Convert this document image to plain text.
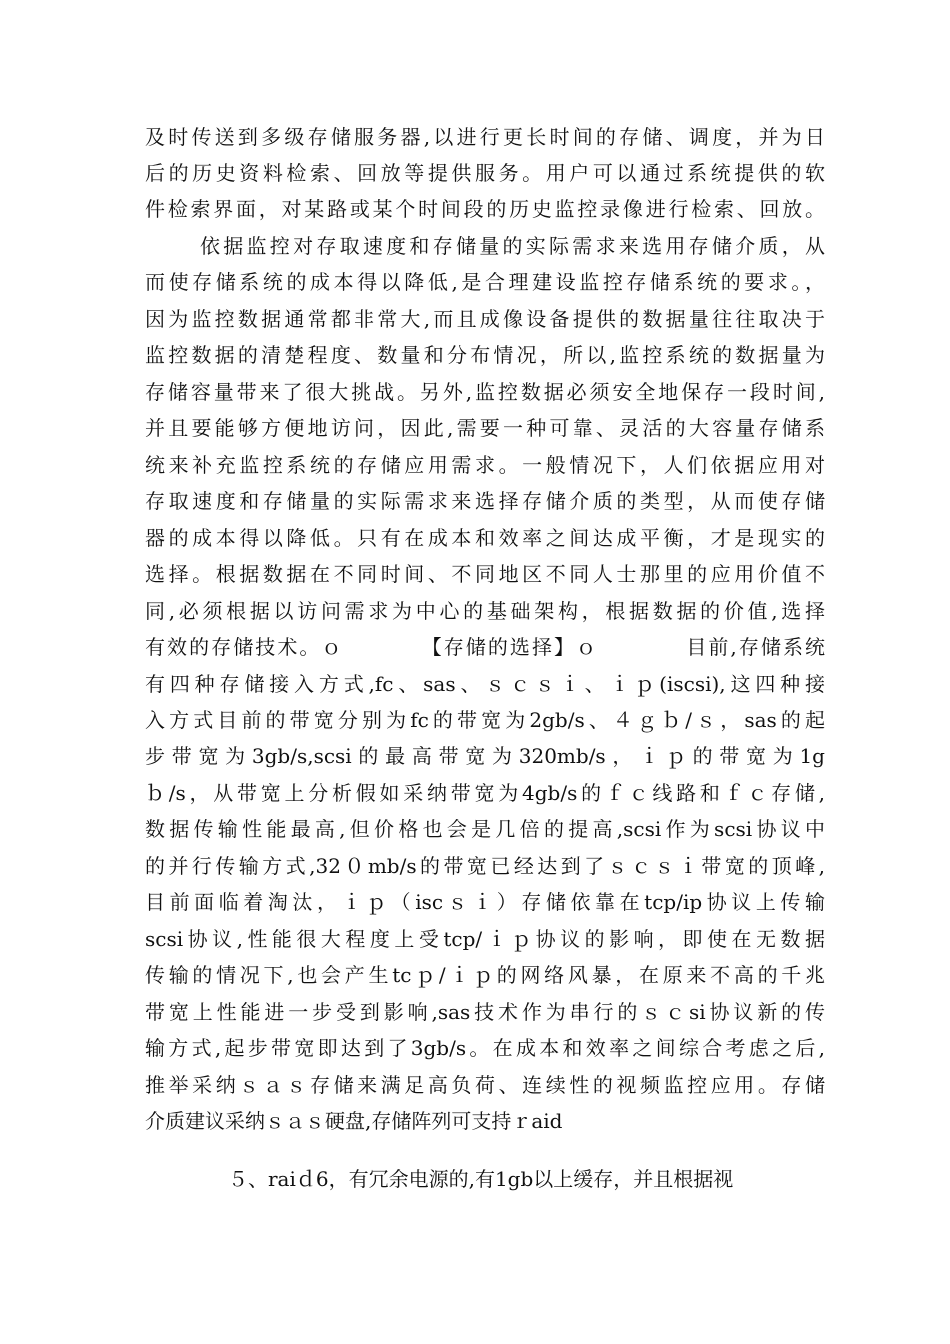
及时传送到多级存储服务器,以进行更长时间的存储、调度，并为日
后的历史资料检索、回放等提供服务。用户可以通过系统提供的软
件检索界面，对某路或某个时间段的历史监控录像进行检索、回放。
依据监控对存取速度和存储量的实际需求来选用存储介质，从
而使存储系统的成本得以降低,是合理建设监控存储系统的要求。，
因为监控数据通常都非常大,而且成像设备提供的数据量往往取决于
监控数据的清楚程度、数量和分布情况，所以,监控系统的数据量为
存储容量带来了很大挑战。另外,监控数据必须安全地保存一段时间,
并且要能够方便地访问，因此,需要一种可靠、灵活的大容量存储系
统来补充监控系统的存储应用需求。一般情况下，人们依据应用对
存取速度和存储量的实际需求来选择存储介质的类型，从而使存储
器的成本得以降低。只有在成本和效率之间达成平衡，才是现实的
选择。根据数据在不同时间、不同地区不同人士那里的应用价值不
同,必须根据以访问需求为中心的基础架构，根据数据的价值,选择
有效的存储技术。ｏ　　　　【存储的选择】ｏ　　　　目前,存储系统
有四种存储接入方式,fc、sas、ｓｃｓｉ、ｉｐ(iscsi),这四种接
入方式目前的带宽分别为fc的带宽为2gb/s、４ｇｂ/ｓ，sas的起
步带宽为3gb/s,scsi的最高带宽为320mb/s，ｉｐ的带宽为1g
ｂ/s，从带宽上分析假如采纳带宽为4gb/s的ｆｃ线路和ｆｃ存储,
数据传输性能最高,但价格也会是几倍的提高,scsi作为scsi协议中
的并行传输方式,32０mb/s的带宽已经达到了ｓｃｓｉ带宽的顶峰,
目前面临着淘汰，ｉｐ（iscｓｉ）存储依靠在tcp/ip协议上传输
scsi协议,性能很大程度上受tcp/ｉｐ协议的影响，即使在无数据
传输的情况下,也会产生tcｐ/ｉｐ的网络风暴，在原来不高的千兆
带宽上性能进一步受到影响,sas技术作为串行的ｓｃsi协议新的传
输方式,起步带宽即达到了3gb/s。在成本和效率之间综合考虑之后,
推举采纳ｓａｓ存储来满足高负荷、连续性的视频监控应用。存储
介质建议采纳ｓａｓ硬盘,存储阵列可支持ｒaid
５、raiｄ6，有冗余电源的,有1gb以上缓存，并且根据视
